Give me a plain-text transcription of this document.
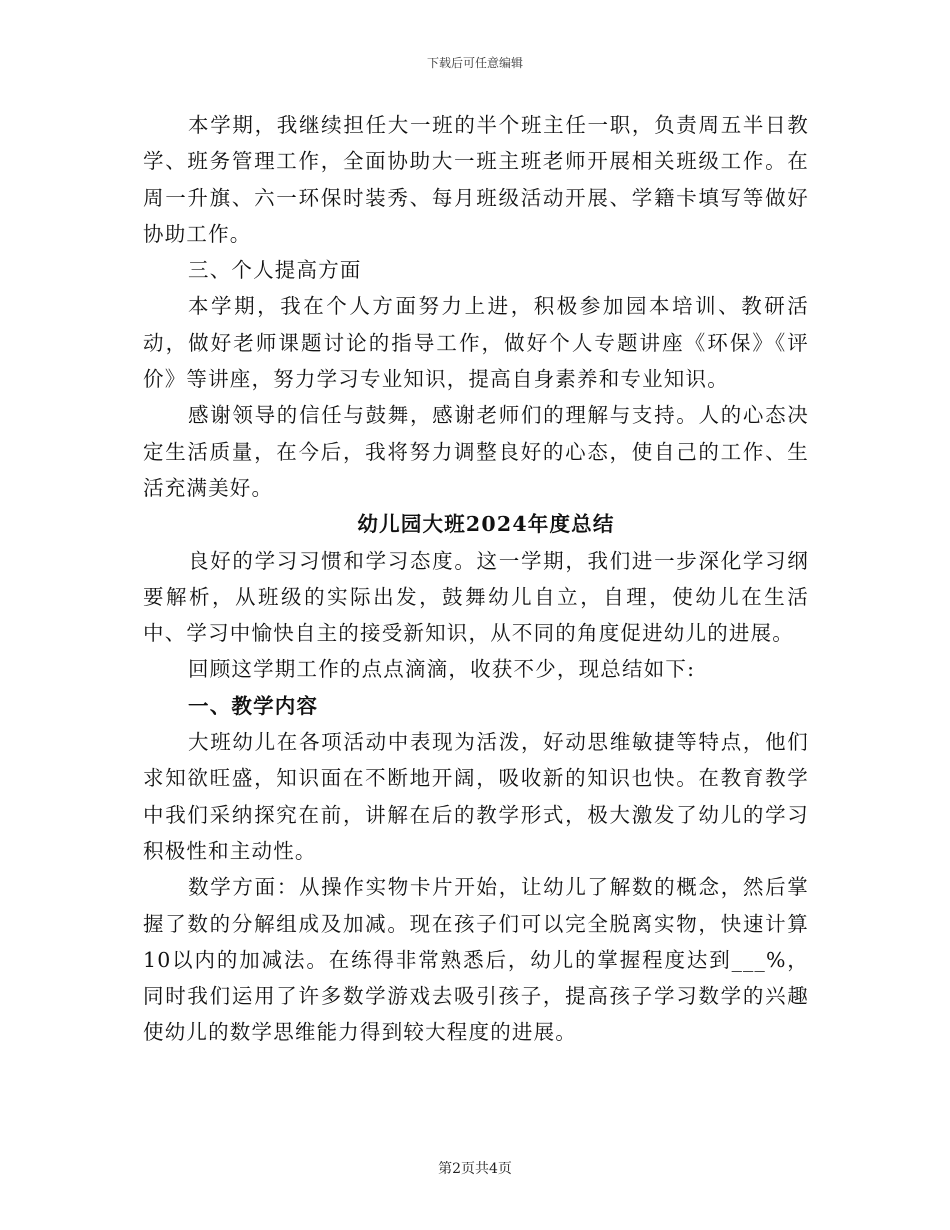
下载后可任意编辑

本学期，我继续担任大一班的半个班主任一职，负责周五半日教学、班务管理工作，全面协助大一班主班老师开展相关班级工作。在周一升旗、六一环保时装秀、每月班级活动开展、学籍卡填写等做好协助工作。

三、个人提高方面

本学期，我在个人方面努力上进，积极参加园本培训、教研活动，做好老师课题讨论的指导工作，做好个人专题讲座《环保》《评价》等讲座，努力学习专业知识，提高自身素养和专业知识。

感谢领导的信任与鼓舞，感谢老师们的理解与支持。人的心态决定生活质量，在今后，我将努力调整良好的心态，使自己的工作、生活充满美好。

幼儿园大班2024年度总结

良好的学习习惯和学习态度。这一学期，我们进一步深化学习纲要解析，从班级的实际出发，鼓舞幼儿自立，自理，使幼儿在生活中、学习中愉快自主的接受新知识，从不同的角度促进幼儿的进展。

回顾这学期工作的点点滴滴，收获不少，现总结如下:

一、教学内容

大班幼儿在各项活动中表现为活泼，好动思维敏捷等特点，他们求知欲旺盛，知识面在不断地开阔，吸收新的知识也快。在教育教学中我们采纳探究在前，讲解在后的教学形式，极大激发了幼儿的学习积极性和主动性。

数学方面：从操作实物卡片开始，让幼儿了解数的概念，然后掌握了数的分解组成及加减。现在孩子们可以完全脱离实物，快速计算10以内的加减法。在练得非常熟悉后，幼儿的掌握程度达到___%，同时我们运用了许多数学游戏去吸引孩子，提高孩子学习数学的兴趣使幼儿的数学思维能力得到较大程度的进展。

第2页共4页
